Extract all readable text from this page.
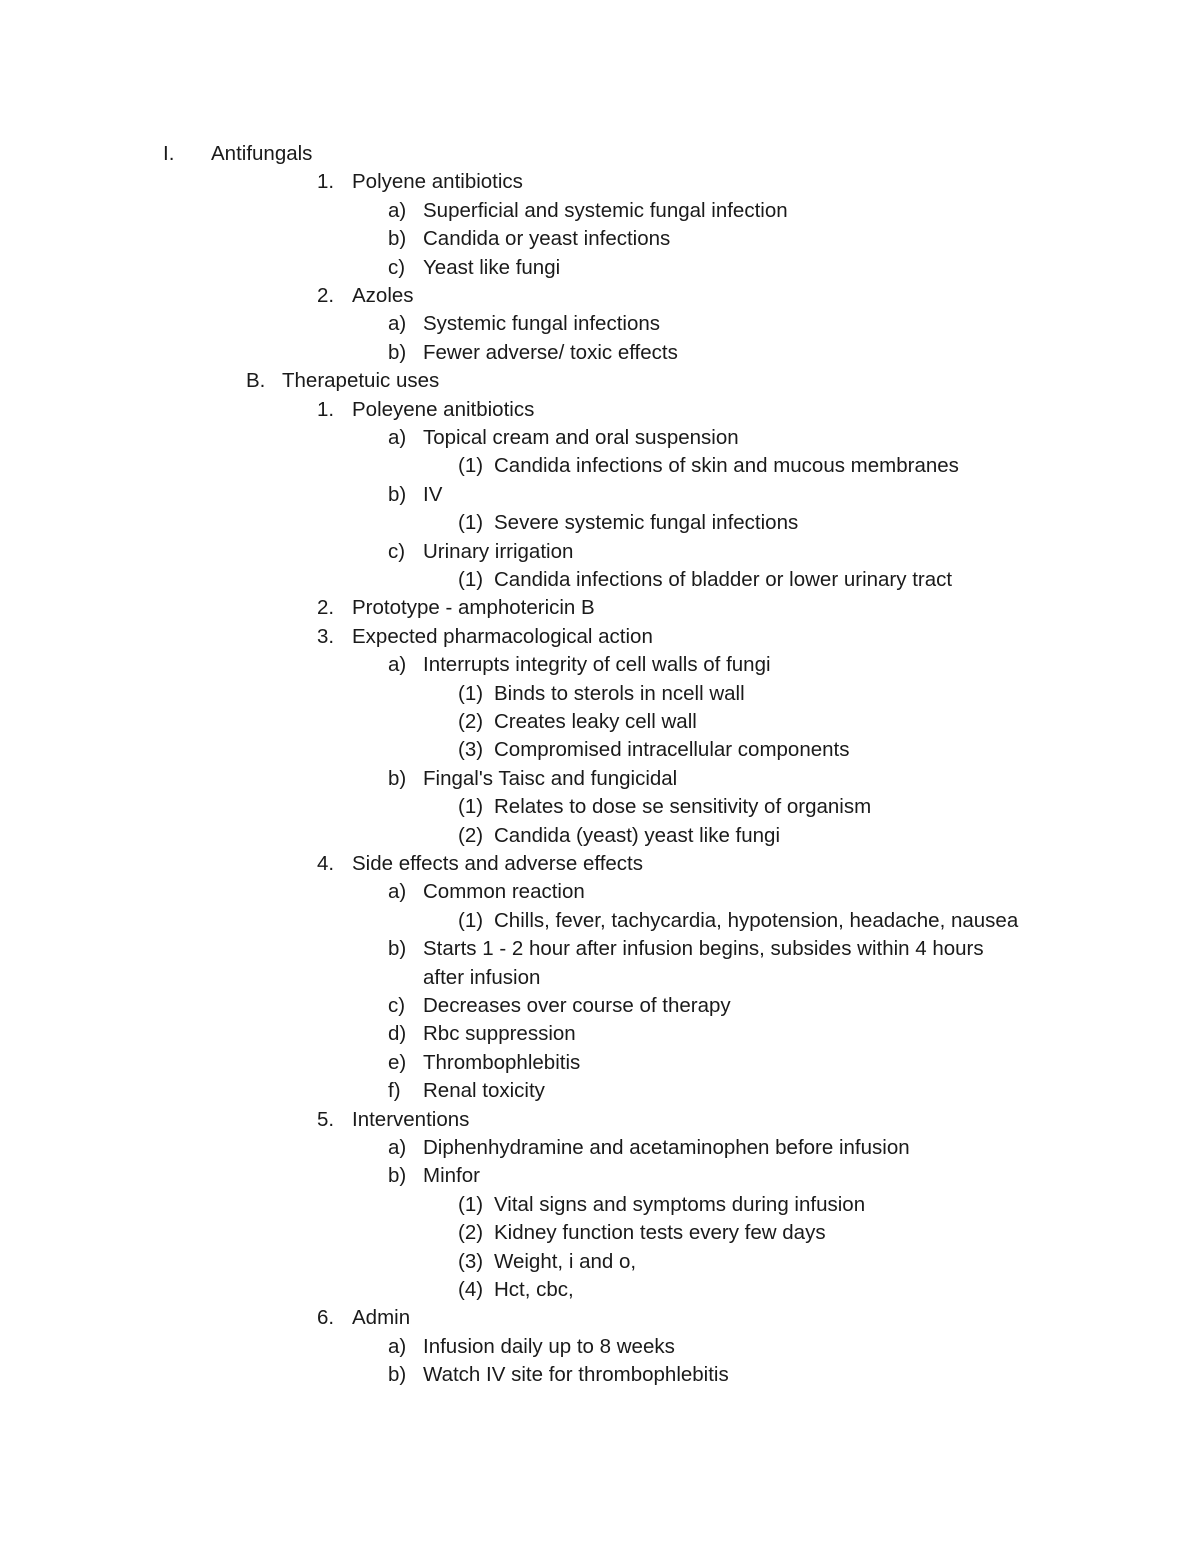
I.	Antifungals
1. Polyene antibiotics
a) Superficial and systemic fungal infection
b) Candida or yeast infections
c) Yeast like fungi
2. Azoles
a) Systemic fungal infections
b) Fewer adverse/ toxic effects
B. Therapetuic uses
1. Poleyene anitbiotics
a) Topical cream and oral suspension
(1) Candida infections of skin and mucous membranes
b) IV
(1) Severe systemic fungal infections
c) Urinary irrigation
(1) Candida infections of bladder or lower urinary tract
2. Prototype - amphotericin B
3. Expected pharmacological action
a) Interrupts integrity of cell walls of fungi
(1) Binds to sterols in ncell wall
(2) Creates leaky cell wall
(3) Compromised intracellular components
b) Fingal's Taisc and fungicidal
(1) Relates to dose se sensitivity of organism
(2) Candida (yeast) yeast like fungi
4. Side effects and adverse effects
a) Common reaction
(1) Chills, fever, tachycardia, hypotension, headache, nausea
b) Starts 1 - 2 hour after infusion begins, subsides within 4 hours
after infusion
c) Decreases over course of therapy
d) Rbc suppression
e) Thrombophlebitis
f)	Renal toxicity
5. Interventions
a) Diphenhydramine and acetaminophen before infusion
b) Minfor
(1) Vital signs and symptoms during infusion
(2) Kidney function tests every few days
(3) Weight, i and o,
(4) Hct, cbc,
6. Admin
a) Infusion daily up to 8 weeks
b) Watch IV site for thrombophlebitis
